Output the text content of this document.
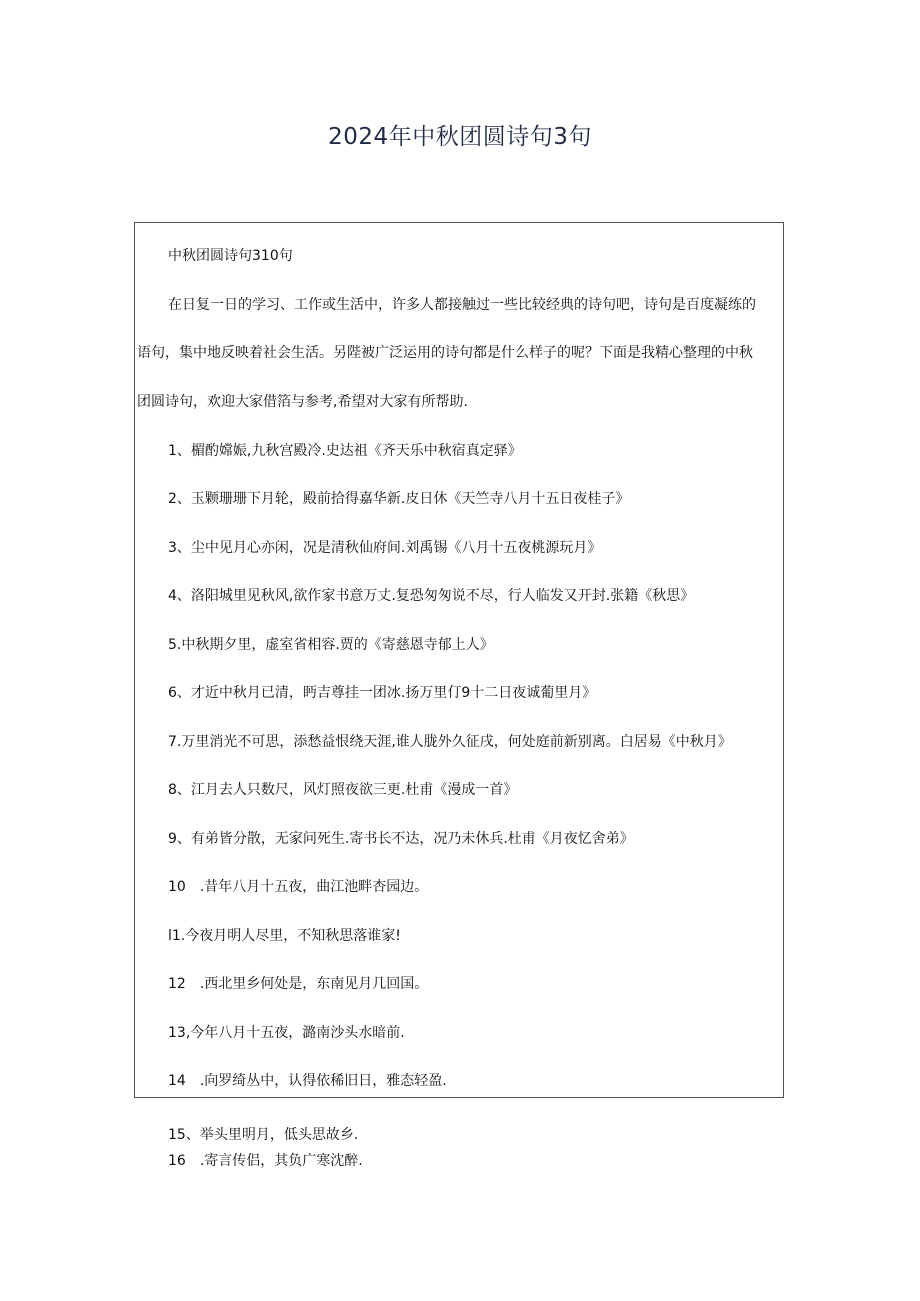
2024年中秋团圆诗句3句
中秋团圆诗句310句
在日复一日的学习、工作或生活中，许多人都接触过一些比较经典的诗句吧，诗句是百度凝练的
语句，集中地反映着社会生活。另陛被广泛运用的诗句都是什么样子的呢？下面是我精心整理的中秋
团圆诗句，欢迎大家借箔与参考,希望对大家有所帮助.
1、楣酌嫦娠,九秋宫殿冷.史达祖《齐天乐中秋宿真定驿》
2、玉颗珊珊下月轮，殿前拾得嘉华新.皮日休《天竺寺八月十五日夜桂子》
3、尘中见月心亦闲，况是清秋仙府间.刘禹锡《八月十五夜桃源玩月》
4、洛阳城里见秋风,欲作家书意万丈.复恐匆匆说不尽，行人临发又开封.张籍《秋思》
5.中秋期夕里，虚室省相容.贾的《寄慈恩寺郁上人》
6、才近中秋月已清，眄吉尊挂一团冰.扬万里仃9十二日夜诚葡里月》
7.万里消光不可思，添愁益恨绕天涯,谁人胧外久征戌，何处庭前新别离。白居易《中秋月》
8、江月去人只数尺，风灯照夜欲三更.杜甫《漫成一首》
9、有弟皆分散，无家问死生.寄书长不达，况乃未休兵.杜甫《月夜忆舍弟》
10　.昔年八月十五夜，曲江池畔杏园边。
l1.今夜月明人尽里，不知秋思落谁家!
12　.西北里乡何处是，东南见月几回国。
13,今年八月十五夜，潞南沙头水暗前.
14　.向罗绮丛中，认得依稀旧日，雅态轻盈.
15、举头里明月，低头思故乡.
16　.寄言传侣，其负广寒沈醉.
